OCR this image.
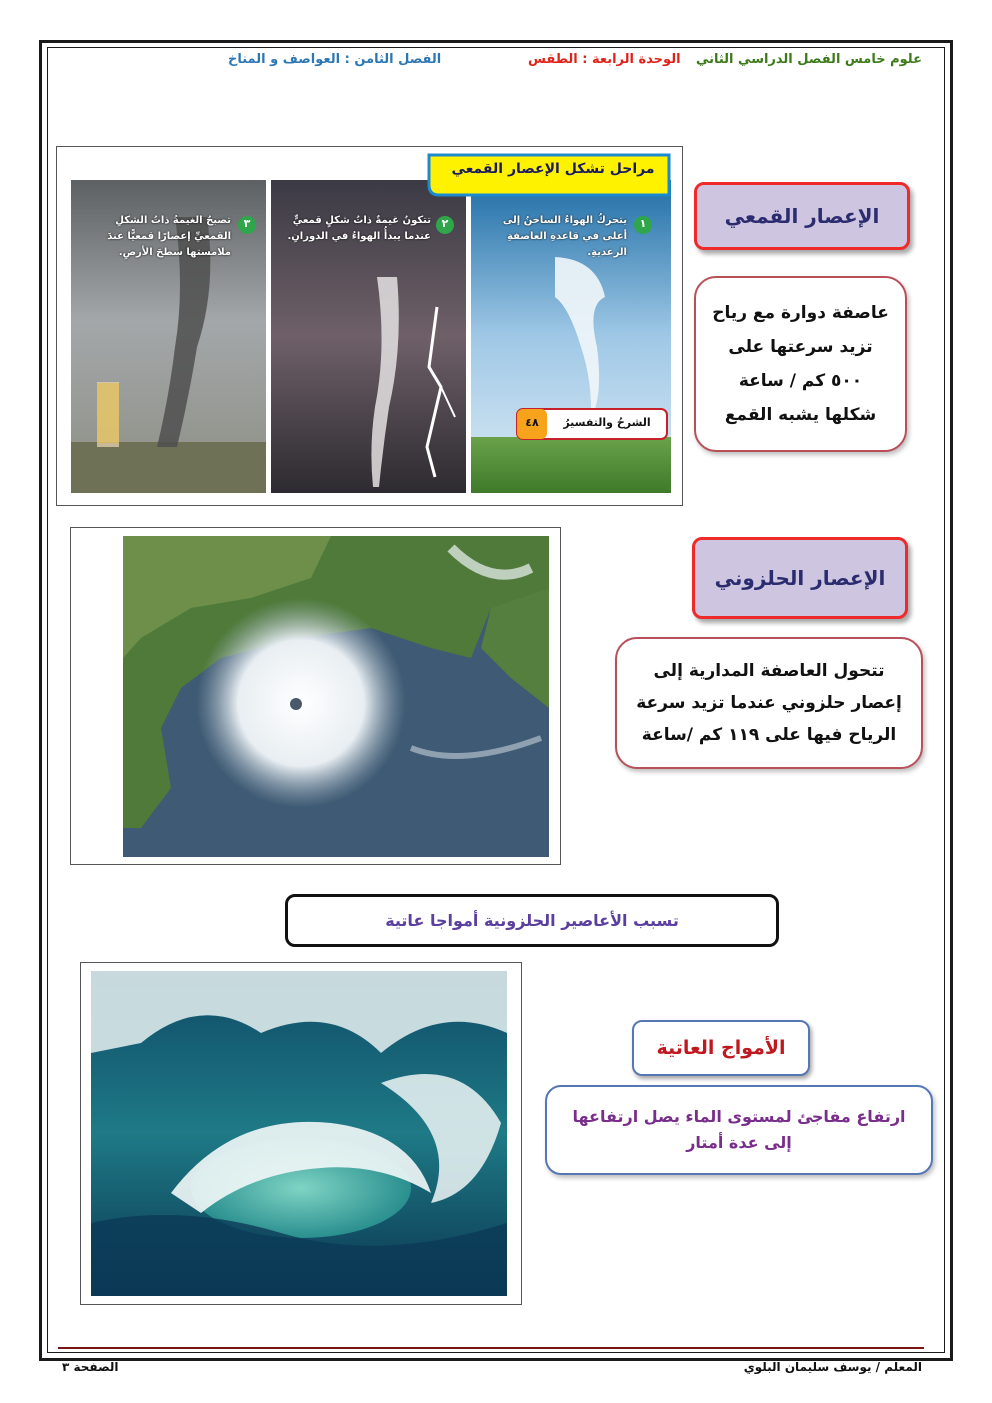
علوم خامس الفصل الدراسي الثاني
الوحدة الرابعة : الطقس
الفصل الثامن : العواصف و المناخ
مراحل تشكل الإعصار القمعي
١
٢
٣	يتحركُ الهواءُ الساخنُ إلى أعلى في قاعدةِ العاصفةِ الرعديةِ.
تتكونُ غيمةٌ ذاتُ شكلٍ قمعيٍّ عندما يبدأُ الهواءُ في الدورانِ.
تصبحُ الغيمةُ ذاتُ الشكلِ القمعيِّ إعصارًا قمعيًّا عندَ ملامستها سطحَ الأرضِ.
الشرحُ والتفسيرُ
٤٨
الإعصار القمعي

عاصفة دوارة مع رياح

تزيد سرعتها على

٥٠٠ كم / ساعة

شكلها يشبه القمع

الإعصار الحلزوني

تتحول العاصفة المدارية إلى

إعصار حلزوني عندما تزيد سرعة

الرياح فيها على ١١٩ كم /ساعة

تسبب الأعاصير الحلزونية أمواجا عاتية
الأمواج العاتية

ارتفاع مفاجئ لمستوى الماء يصل ارتفاعها

إلى عدة أمتار

المعلم / يوسف سليمان البلوي
الصفحة ٣
